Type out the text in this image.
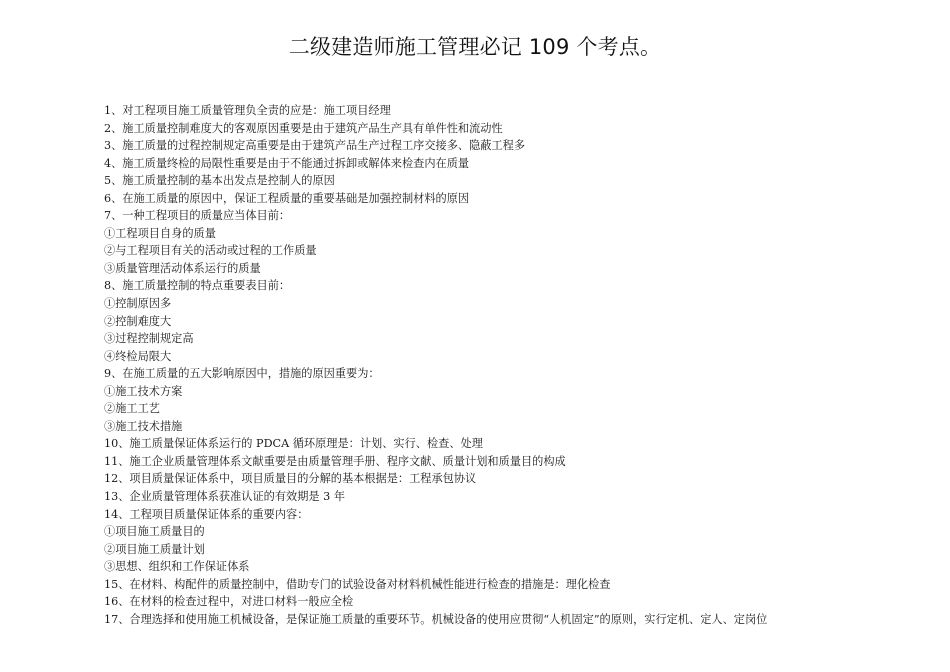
二级建造师施工管理必记 109 个考点。
1、对工程项目施工质量管理负全责的应是：施工项目经理
2、施工质量控制难度大的客观原因重要是由于建筑产品生产具有单件性和流动性
3、施工质量的过程控制规定高重要是由于建筑产品生产过程工序交接多、隐蔽工程多
4、施工质量终检的局限性重要是由于不能通过拆卸或解体来检查内在质量
5、施工质量控制的基本出发点是控制人的原因
6、在施工质量的原因中，保证工程质量的重要基础是加强控制材料的原因
7、一种工程项目的质量应当体目前：
①工程项目自身的质量
②与工程项目有关的活动或过程的工作质量
③质量管理活动体系运行的质量
8、施工质量控制的特点重要表目前：
①控制原因多
②控制难度大
③过程控制规定高
④终检局限大
9、在施工质量的五大影响原因中，措施的原因重要为：
①施工技术方案
②施工工艺
③施工技术措施
10、施工质量保证体系运行的 PDCA 循环原理是：计划、实行、检查、处理
11、施工企业质量管理体系文献重要是由质量管理手册、程序文献、质量计划和质量目的构成
12、项目质量保证体系中，项目质量目的分解的基本根据是：工程承包协议
13、企业质量管理体系获准认证的有效期是 3 年
14、工程项目质量保证体系的重要内容：
①项目施工质量目的
②项目施工质量计划
③思想、组织和工作保证体系
15、在材料、构配件的质量控制中，借助专门的试验设备对材料机械性能进行检查的措施是：理化检查
16、在材料的检查过程中，对进口材料一般应全检
17、合理选择和使用施工机械设备，是保证施工质量的重要环节。机械设备的使用应贯彻“人机固定”的原则，实行定机、定人、定岗位
